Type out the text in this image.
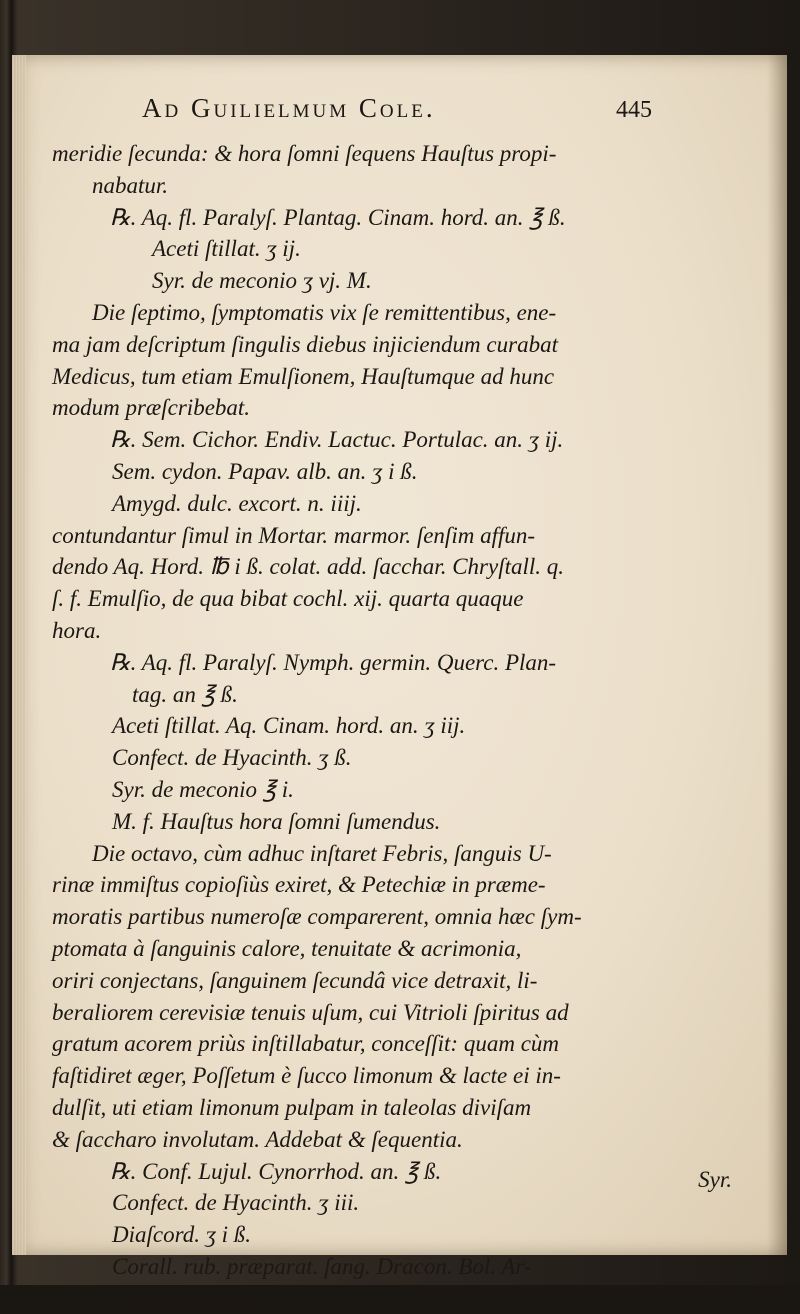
Ad Guilielmum Cole.	445
meridie ſecunda: & hora ſomni ſequens Hauſtus propi-
nabatur.
℞. Aq. fl. Paralyſ. Plantag. Cinam. hord. an. ℥ ß.
Aceti ſtillat. ʒ ij.
Syr. de meconio ʒ vj. M.
Die ſeptimo, ſymptomatis vix ſe remittentibus, ene-
ma jam deſcriptum ſingulis diebus injiciendum curabat
Medicus, tum etiam Emulſionem, Hauſtumque ad hunc
modum præſcribebat.
℞. Sem. Cichor. Endiv. Lactuc. Portulac. an. ʒ ij.
Sem. cydon. Papav. alb. an. ʒ i ß.
Amygd. dulc. excort. n. iiij.
contundantur ſimul in Mortar. marmor. ſenſim affun-
dendo Aq. Hord. ℔ i ß. colat. add. ſacchar. Chryſtall. q.
ſ. f. Emulſio, de qua bibat cochl. xij. quarta quaque
hora.
℞. Aq. fl. Paralyſ. Nymph. germin. Querc. Plan-
tag. an ℥ ß.
Aceti ſtillat. Aq. Cinam. hord. an. ʒ iij.
Confect. de Hyacinth. ʒ ß.
Syr. de meconio ℥ i.
M. f. Hauſtus hora ſomni ſumendus.
Die octavo, cùm adhuc inſtaret Febris, ſanguis U-
rinæ immiſtus copioſiùs exiret, & Petechiæ in præme-
moratis partibus numeroſæ comparerent, omnia hæc ſym-
ptomata à ſanguinis calore, tenuitate & acrimonia,
oriri conjectans, ſanguinem ſecundâ vice detraxit, li-
beraliorem cerevisiæ tenuis uſum, cui Vitrioli ſpiritus ad
gratum acorem priùs inſtillabatur, conceſſit: quam cùm
faſtidiret æger, Poſſetum è ſucco limonum & lacte ei in-
dulſit, uti etiam limonum pulpam in taleolas diviſam
& ſaccharo involutam. Addebat & ſequentia.
℞. Conf. Lujul. Cynorrhod. an. ℥ ß.
Confect. de Hyacinth. ʒ iii.
Diaſcord. ʒ i ß.
Corall. rub. præparat. ſang. Dracon. Bol. Ar-
men. an. ℈ i.
Syr.
